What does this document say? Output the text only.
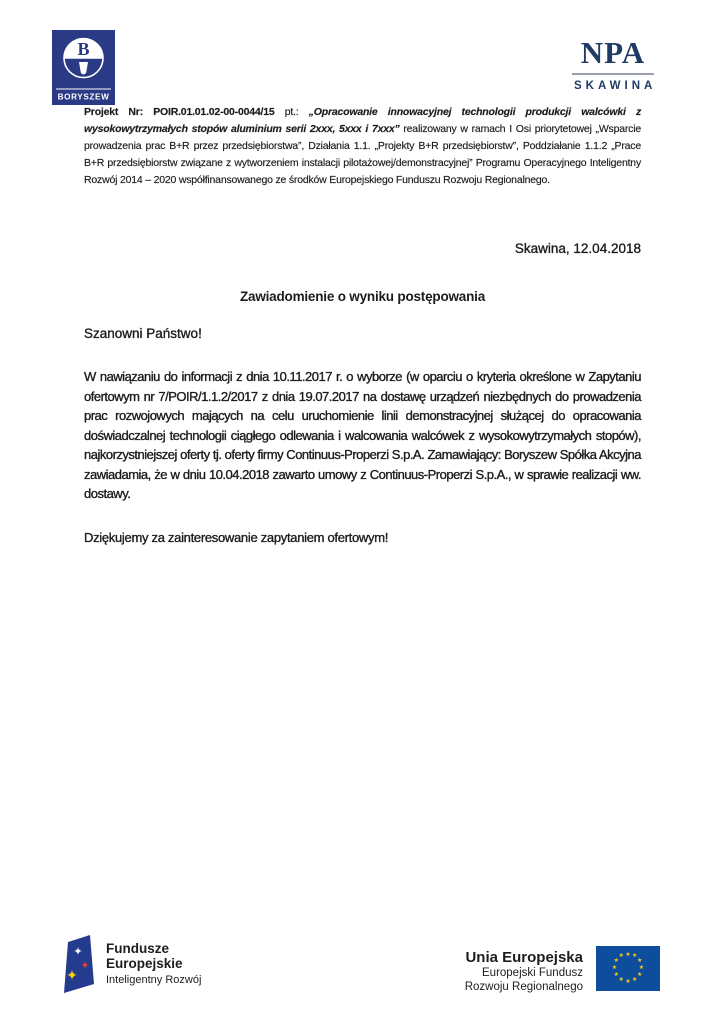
B
BORYSZEW
NPA
SKAWINA

Projekt Nr: POIR.01.01.02-00-0044/15 pt.: „Opracowanie innowacyjnej technologii produkcji walcówki z wysokowytrzymałych stopów aluminium serii 2xxx, 5xxx i 7xxx” realizowany w ramach I Osi priorytetowej „Wsparcie prowadzenia prac B+R przez przedsiębiorstwa”, Działania 1.1. „Projekty B+R przedsiębiorstw”, Poddziałanie 1.1.2 „Prace B+R przedsiębiorstw związane z wytworzeniem instalacji pilotażowej/demonstracyjnej” Programu Operacyjnego Inteligentny Rozwój 2014 – 2020 współfinansowanego ze środków Europejskiego Funduszu Rozwoju Regionalnego.

Skawina, 12.04.2018
Zawiadomienie o wyniku postępowania
Szanowni Państwo!

W nawiązaniu do informacji z dnia 10.11.2017 r. o wyborze (w oparciu o kryteria określone w Zapytaniu ofertowym nr 7/POIR/1.1.2/2017 z dnia 19.07.2017 na dostawę urządzeń niezbędnych do prowadzenia prac rozwojowych mających na celu uruchomienie linii demonstracyjnej służącej do opracowania doświadczalnej technologii ciągłego odlewania i walcowania walcówek z wysokowytrzymałych stopów), najkorzystniejszej oferty tj. oferty firmy Continuus-Properzi S.p.A. Zamawiający: Boryszew Spółka Akcyjna zawiadamia, że w dniu 10.04.2018 zawarto umowy z Continuus-Properzi S.p.A., w sprawie realizacji ww. dostawy.

Dziękujemy za zainteresowanie zapytaniem ofertowym!
✦
✦
✦
Fundusze
Europejskie
Inteligentny Rozwój
Unia Europejska
Europejski Fundusz
Rozwoju Regionalnego
★ ★
★
★
★
★
★
★
★
★
★
★
